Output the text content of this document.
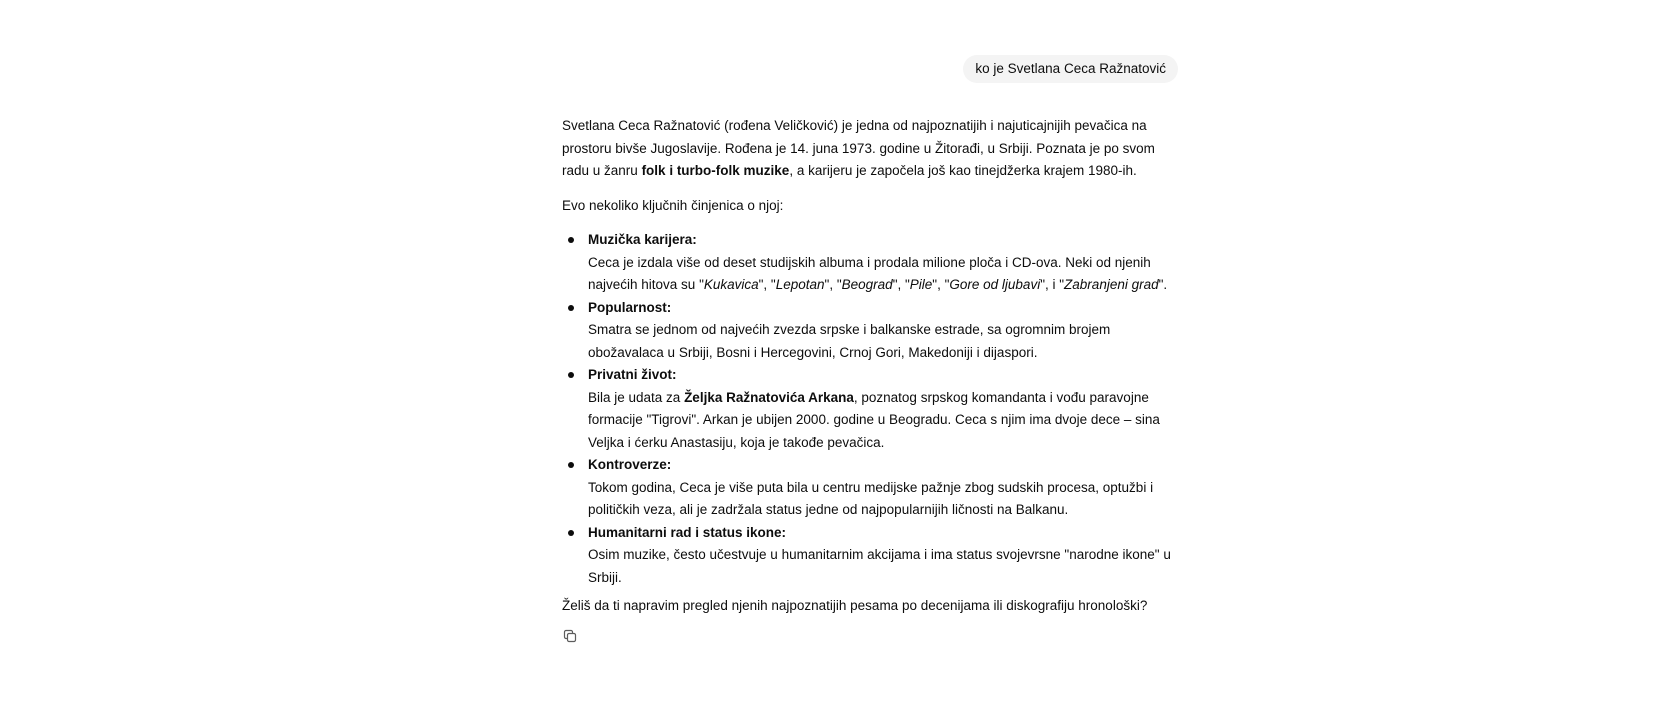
ko je Svetlana Ceca Ražnatović

Svetlana Ceca Ražnatović (rođena Veličković) je jedna od najpoznatijih i najuticajnijih pevačica na prostoru bivše Jugoslavije. Rođena je 14. juna 1973. godine u Žitorađi, u Srbiji. Poznata je po svom radu u žanru folk i turbo-folk muzike, a karijeru je započela još kao tinejdžerka krajem 1980-ih.

Evo nekoliko ključnih činjenica o njoj:

Muzička karijera:
Ceca je izdala više od deset studijskih albuma i prodala milione ploča i CD-ova. Neki od njenih najvećih hitova su "Kukavica", "Lepotan", "Beograd", "Pile", "Gore od ljubavi", i "Zabranjeni grad".
Popularnost:
Smatra se jednom od najvećih zvezda srpske i balkanske estrade, sa ogromnim brojem obožavalaca u Srbiji, Bosni i Hercegovini, Crnoj Gori, Makedoniji i dijaspori.
Privatni život:
Bila je udata za Željka Ražnatovića Arkana, poznatog srpskog komandanta i vođu paravojne formacije "Tigrovi". Arkan je ubijen 2000. godine u Beogradu. Ceca s njim ima dvoje dece – sina Veljka i ćerku Anastasiju, koja je takođe pevačica.
Kontroverze:
Tokom godina, Ceca je više puta bila u centru medijske pažnje zbog sudskih procesa, optužbi i političkih veza, ali je zadržala status jedne od najpopularnijih ličnosti na Balkanu.
Humanitarni rad i status ikone:
Osim muzike, često učestvuje u humanitarnim akcijama i ima status svojevrsne "narodne ikone" u Srbiji.

Želiš da ti napravim pregled njenih najpoznatijih pesama po decenijama ili diskografiju hronološki?
